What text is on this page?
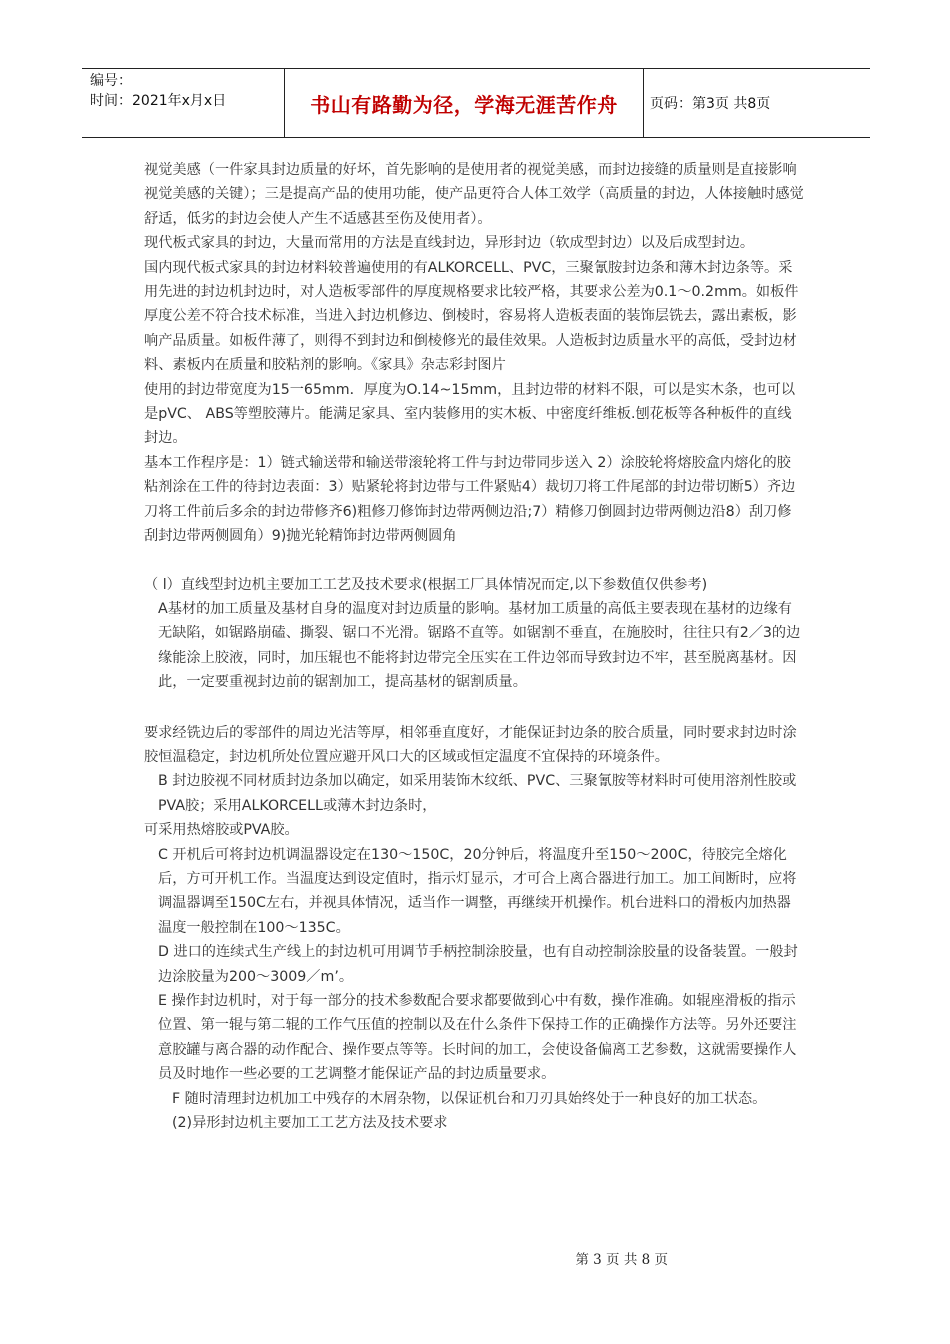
编号：
时间：2021年x月x日	书山有路勤为径，学海无涯苦作舟	页码：第3页 共8页

视觉美感（一件家具封边质量的好坏，首先影响的是使用者的视觉美感，而封边接缝的质量则是直接影响视觉美感的关键）；三是提高产品的使用功能，使产品更符合人体工效学（高质量的封边，人体接触时感觉舒适，低劣的封边会使人产生不适感甚至伤及使用者）。

现代板式家具的封边，大量而常用的方法是直线封边，异形封边（软成型封边）以及后成型封边。

国内现代板式家具的封边材料较普遍使用的有ALKORCELL、PVC，三聚氰胺封边条和薄木封边条等。采用先进的封边机封边时，对人造板零部件的厚度规格要求比较严格，其要求公差为0.1～0.2mm。如板件厚度公差不符合技术标准，当进入封边机修边、倒棱时，容易将人造板表面的装饰层铣去，露出素板，影响产品质量。如板件薄了，则得不到封边和倒棱修光的最佳效果。人造板封边质量水平的高低，受封边材料、素板内在质量和胶粘剂的影响。《家具》杂志彩封图片

使用的封边带宽度为15一65mm．厚度为O.14~15mm，且封边带的材料不限，可以是实木条，也可以是pVC、 ABS等塑胶薄片。能满足家具、室内装修用的实木板、中密度纤维板.刨花板等各种板件的直线封边。

基本工作程序是：1）链式输送带和输送带滚轮将工件与封边带同步送入 2）涂胶轮将熔胶盒内熔化的胶粘剂涂在工件的待封边表面：3）贴紧轮将封边带与工件紧贴4）裁切刀将工件尾部的封边带切断5）齐边刀将工件前后多余的封边带修齐6)粗修刀修饰封边带两侧边沿;7）精修刀倒圆封边带两侧边沿8）刮刀修刮封边带两侧圆角）9)抛光轮精饰封边带两侧圆角

（ l）直线型封边机主要加工工艺及技术要求(根据工厂具体情况而定,以下参数值仅供参考)

A基材的加工质量及基材自身的温度对封边质量的影响。基材加工质量的高低主要表现在基材的边缘有无缺陷，如锯路崩磕、撕裂、锯口不光滑。锯路不直等。如锯割不垂直，在施胶时，往往只有2／3的边缘能涂上胶液，同时，加压辊也不能将封边带完全压实在工件边邻而导致封边不牢，甚至脱离基材。因此，一定要重视封边前的锯割加工，提高基材的锯割质量。

要求经铣边后的零部件的周边光洁等厚，相邻垂直度好，才能保证封边条的胶合质量，同时要求封边时涂胶恒温稳定，封边机所处位置应避开风口大的区域或恒定温度不宜保持的环境条件。

B 封边胶视不同材质封边条加以确定，如采用装饰木纹纸、PVC、三聚氰胺等材料时可使用溶剂性胶或PVA胶；采用ALKORCELL或薄木封边条时，

可采用热熔胶或PVA胶。

C 开机后可将封边机调温器设定在130～150C，20分钟后，将温度升至150～200C，待胶完全熔化后，方可开机工作。当温度达到设定值时，指示灯显示，才可合上离合器进行加工。加工间断时，应将调温器调至150C左右，并视具体情况，适当作一调整，再继续开机操作。机台进料口的滑板内加热器温度一般控制在100～135C。

D 进口的连续式生产线上的封边机可用调节手柄控制涂胶量，也有自动控制涂胶量的设备装置。一般封边涂胶量为200～3009／m’。

E 操作封边机时，对于每一部分的技术参数配合要求都要做到心中有数，操作准确。如辊座滑板的指示位置、第一辊与第二辊的工作气压值的控制以及在什么条件下保持工作的正确操作方法等。另外还要注意胶罐与离合器的动作配合、操作要点等等。长时间的加工，会使设备偏离工艺参数，这就需要操作人员及时地作一些必要的工艺调整才能保证产品的封边质量要求。

F 随时清理封边机加工中残存的木屑杂物，以保证机台和刀刃具始终处于一种良好的加工状态。

(2)异形封边机主要加工工艺方法及技术要求

第 3 页 共 8 页
